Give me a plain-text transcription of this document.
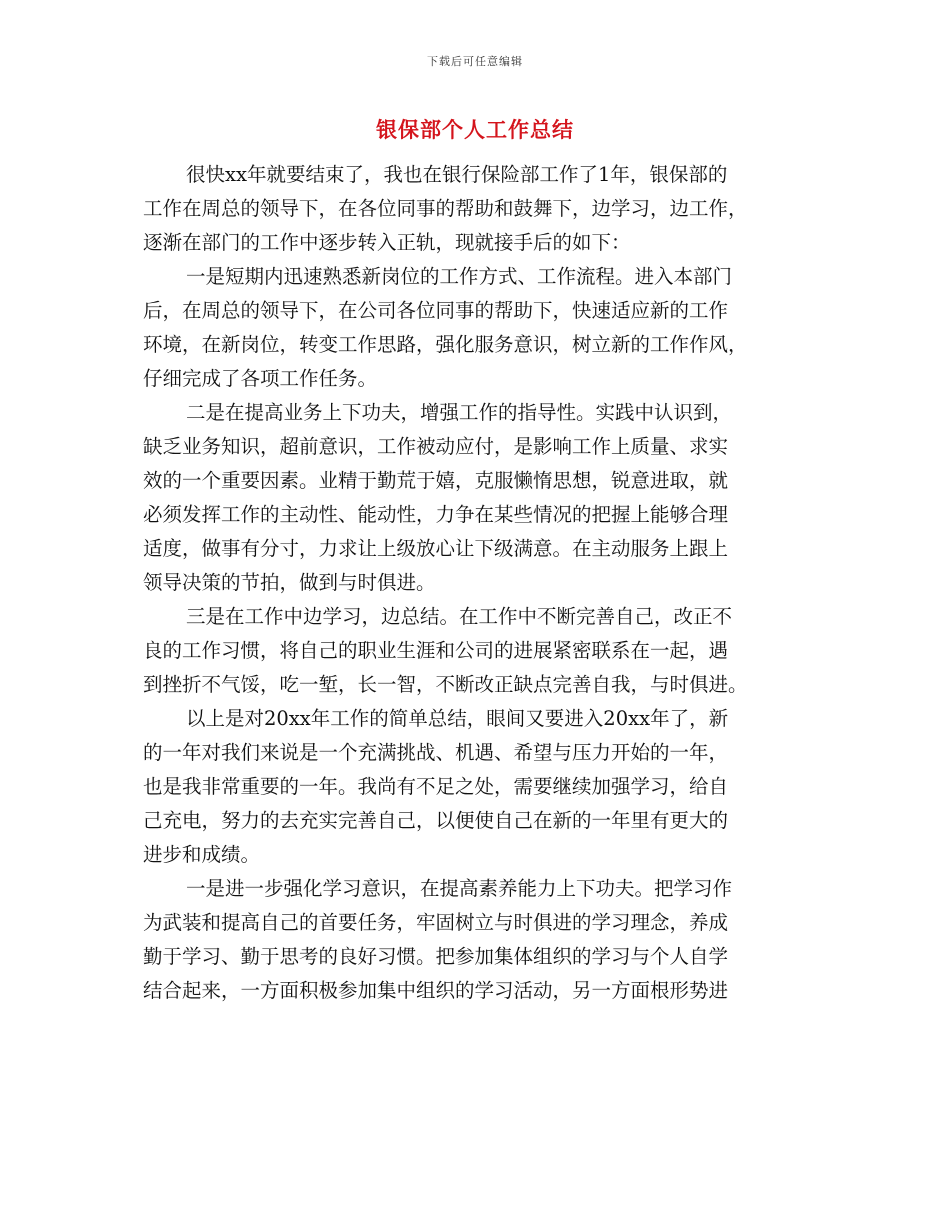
下载后可任意编辑
银保部个人工作总结
很快xx年就要结束了，我也在银行保险部工作了1年，银保部的
工作在周总的领导下，在各位同事的帮助和鼓舞下，边学习，边工作，
逐渐在部门的工作中逐步转入正轨，现就接手后的如下：
一是短期内迅速熟悉新岗位的工作方式、工作流程。进入本部门
后，在周总的领导下，在公司各位同事的帮助下，快速适应新的工作
环境，在新岗位，转变工作思路，强化服务意识，树立新的工作作风，
仔细完成了各项工作任务。
二是在提高业务上下功夫，增强工作的指导性。实践中认识到，
缺乏业务知识，超前意识，工作被动应付，是影响工作上质量、求实
效的一个重要因素。业精于勤荒于嬉，克服懒惰思想，锐意进取，就
必须发挥工作的主动性、能动性，力争在某些情况的把握上能够合理
适度，做事有分寸，力求让上级放心让下级满意。在主动服务上跟上
领导决策的节拍，做到与时俱进。
三是在工作中边学习，边总结。在工作中不断完善自己，改正不
良的工作习惯，将自己的职业生涯和公司的进展紧密联系在一起，遇
到挫折不气馁，吃一堑，长一智，不断改正缺点完善自我，与时俱进。
以上是对20xx年工作的简单总结，眼间又要进入20xx年了，新
的一年对我们来说是一个充满挑战、机遇、希望与压力开始的一年，
也是我非常重要的一年。我尚有不足之处，需要继续加强学习，给自
己充电，努力的去充实完善自己，以便使自己在新的一年里有更大的
进步和成绩。
一是进一步强化学习意识，在提高素养能力上下功夫。把学习作
为武装和提高自己的首要任务，牢固树立与时俱进的学习理念，养成
勤于学习、勤于思考的良好习惯。把参加集体组织的学习与个人自学
结合起来，一方面积极参加集中组织的学习活动，另一方面根形势进
